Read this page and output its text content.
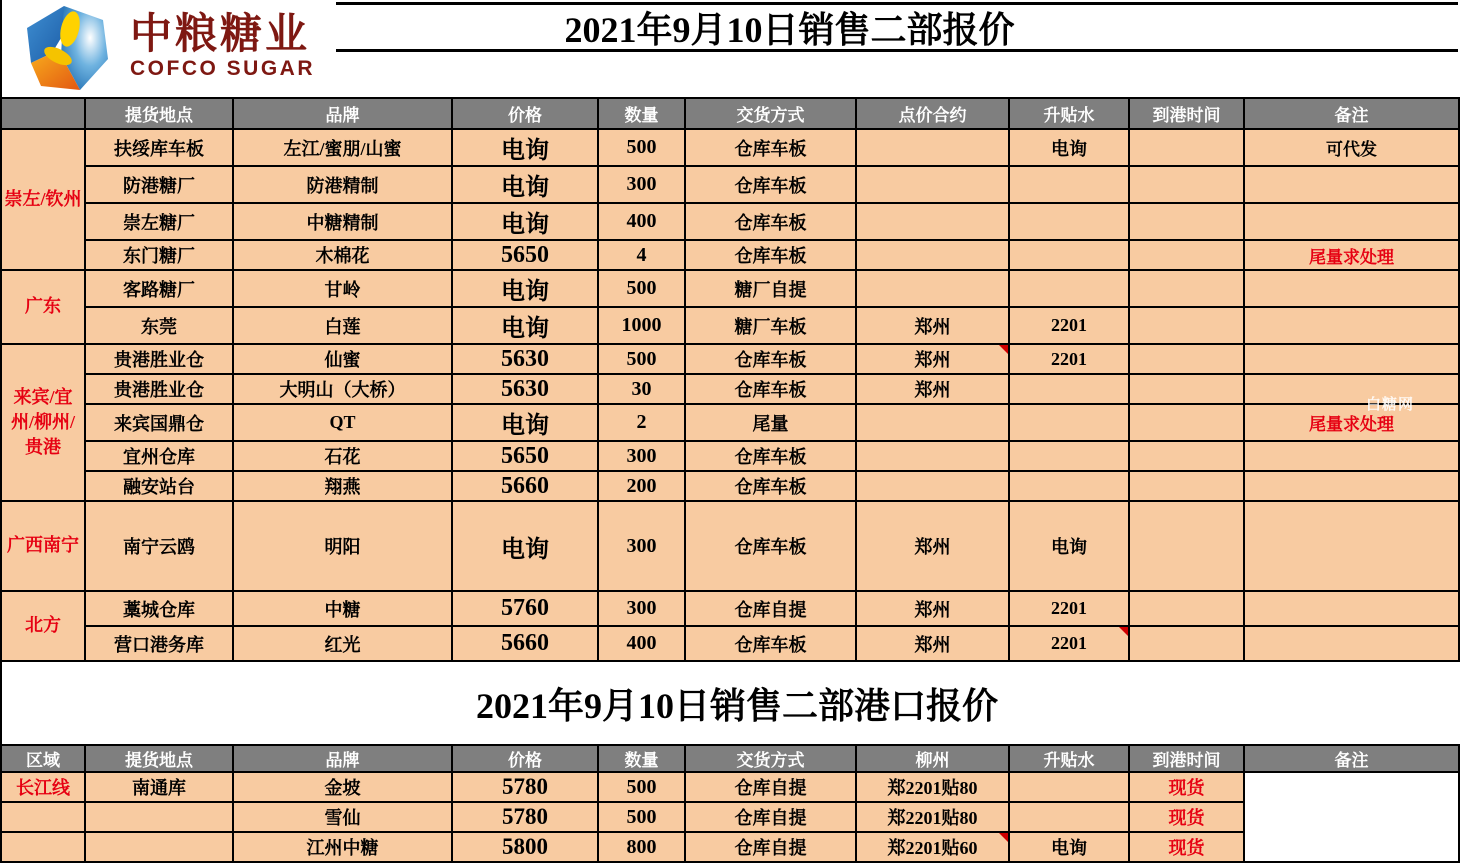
中粮糖业
COFCO SUGAR
2021年9月10日销售二部报价
	提货地点	品牌	价格	数量	交货方式	点价合约	升贴水	到港时间	备注
崇左/钦州	扶绥库车板	左江/蜜朋/山蜜	电询	500	仓库车板		电询		可代发
	防港糖厂	防港精制	电询	300	仓库车板				
	崇左糖厂	中糖精制	电询	400	仓库车板				
	东门糖厂	木棉花	5650	4	仓库车板				尾量求处理
广东	客路糖厂	甘岭	电询	500	糖厂自提				
	东莞	白莲	电询	1000	糖厂车板	郑州	2201		
来宾/宜州/柳州/贵港	贵港胜业仓	仙蜜	5630	500	仓库车板	郑州	2201		
	贵港胜业仓	大明山（大桥）	5630	30	仓库车板	郑州			
	来宾国鼎仓	QT	电询	2	尾量				尾量求处理
	宜州仓库	石花	5650	300	仓库车板				
	融安站台	翔燕	5660	200	仓库车板				
广西南宁	南宁云鸥	明阳	电询	300	仓库车板	郑州	电询		
北方	藁城仓库	中糖	5760	300	仓库自提	郑州	2201		
	营口港务库	红光	5660	400	仓库车板	郑州	2201

2021年9月10日销售二部港口报价
区域	提货地点	品牌	价格	数量	交货方式	柳州	升贴水	到港时间	备注
长江线	南通库	金坡	5780	500	仓库自提	郑2201贴80		现货	
		雪仙	5780	500	仓库自提	郑2201贴80		现货	
		江州中糖	5800	800	仓库自提	郑2201贴60	电询	现货	
白糖网
